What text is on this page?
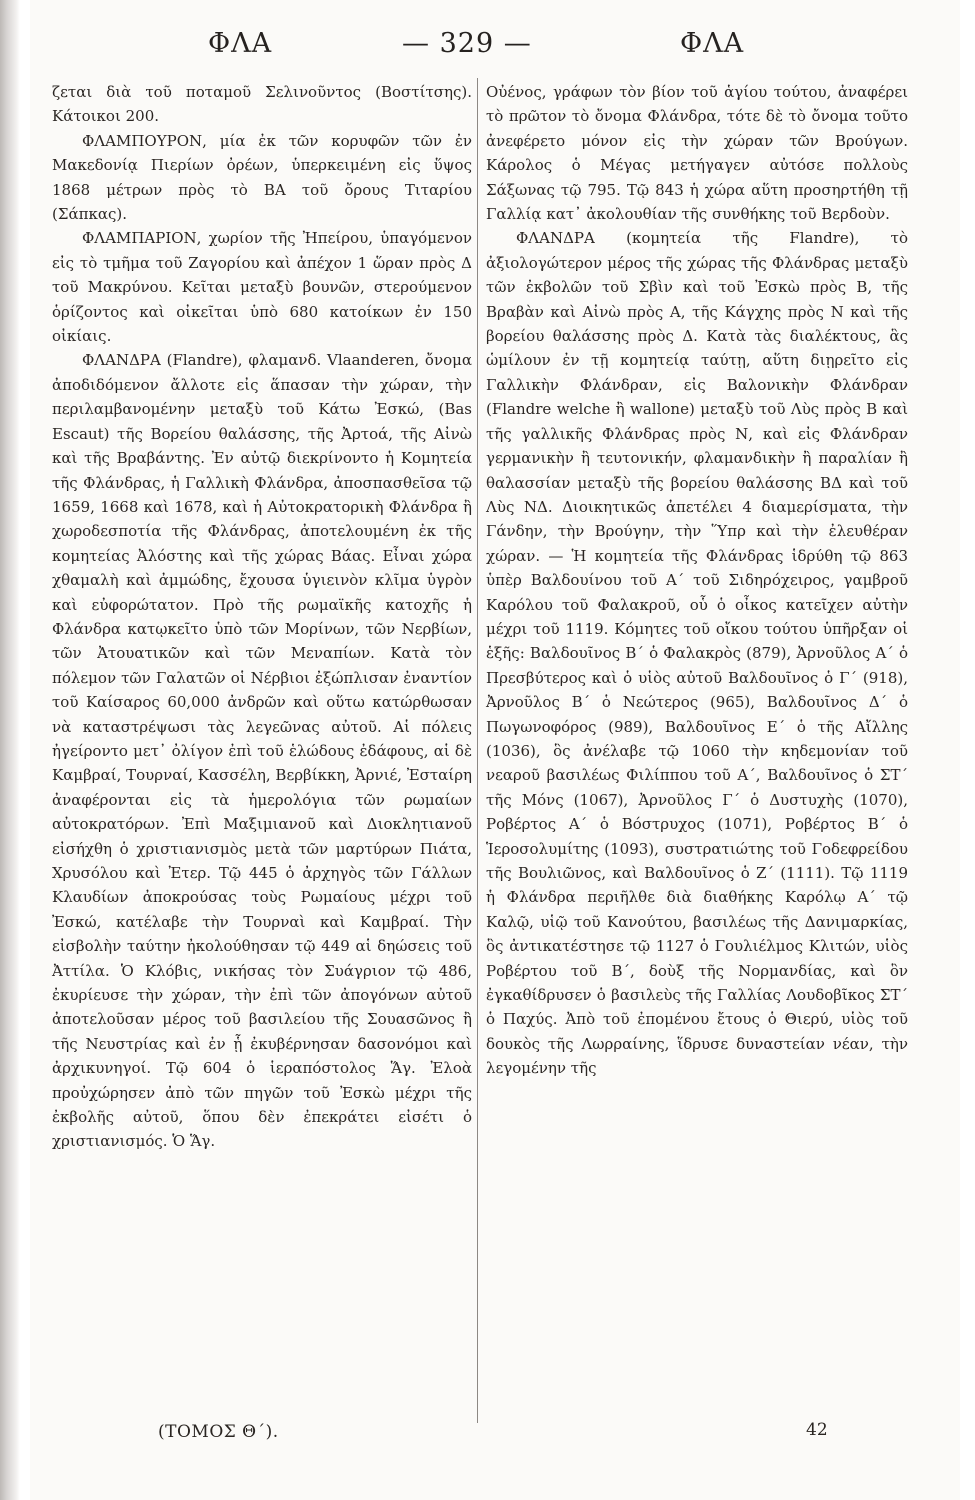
ΦΛΑ	— 329 —	ΦΛΑ

ζεται διὰ τοῦ ποταμοῦ Σελινοῦντος (Βοστίτσης). Κάτοικοι 200.

ΦΛΑΜΠΟΥΡΟΝ, μία ἐκ τῶν κορυφῶν τῶν ἐν Μακεδονίᾳ Πιερίων ὀρέων, ὑπερκειμένη εἰς ὕψος 1868 μέτρων πρὸς τὸ ΒΑ τοῦ ὄρους Τιταρίου (Σάπκας).

ΦΛΑΜΠΑΡΙΟΝ, χωρίον τῆς Ἠπείρου, ὑπαγόμενον εἰς τὸ τμῆμα τοῦ Ζαγορίου καὶ ἀπέχον 1 ὥραν πρὸς Δ τοῦ Μακρύνου. Κεῖται μεταξὺ βουνῶν, στερούμενον ὁρίζοντος καὶ οἰκεῖται ὑπὸ 680 κατοίκων ἐν 150 οἰκίαις.

ΦΛΑΝΔΡΑ (Flandre), φλαμανδ. Vlaanderen, ὄνομα ἀποδιδόμενον ἄλλοτε εἰς ἅπασαν τὴν χώραν, τὴν περιλαμβανομένην μεταξὺ τοῦ Κάτω Ἐσκώ, (Bas Escaut) τῆς Βορείου θαλάσσης, τῆς Ἀρτοά, τῆς Αἰνὼ καὶ τῆς Βραβάντης. Ἐν αὐτῷ διεκρίνοντο ἡ Κομητεία τῆς Φλάνδρας, ἡ Γαλλικὴ Φλάνδρα, ἀποσπασθεῖσα τῷ 1659, 1668 καὶ 1678, καὶ ἡ Αὐτοκρατορικὴ Φλάνδρα ἢ χωροδεσποτία τῆς Φλάνδρας, ἀποτελουμένη ἐκ τῆς κομητείας Ἀλόστης καὶ τῆς χώρας Βάας. Εἶναι χώρα χθαμαλὴ καὶ ἀμμώδης, ἔχουσα ὑγιεινὸν κλῖμα ὑγρὸν καὶ εὐφορώτατον. Πρὸ τῆς ρωμαϊκῆς κατοχῆς ἡ Φλάνδρα κατῳκεῖτο ὑπὸ τῶν Μορίνων, τῶν Νερβίων, τῶν Ἀτουατικῶν καὶ τῶν Μεναπίων. Κατὰ τὸν πόλεμον τῶν Γαλατῶν οἱ Νέρβιοι ἐξώπλισαν ἐναντίον τοῦ Καίσαρος 60,000 ἀνδρῶν καὶ οὕτω κατώρθωσαν νὰ καταστρέψωσι τὰς λεγεῶνας αὐτοῦ. Αἱ πόλεις ἠγείροντο μετ᾽ ὀλίγον ἐπὶ τοῦ ἑλώδους ἐδάφους, αἱ δὲ Καμβραί, Τουρναί, Κασσέλη, Βερβίκκη, Ἀρνιέ, Ἐσταίρη ἀναφέρονται εἰς τὰ ἡμερολόγια τῶν ρωμαίων αὐτοκρατόρων. Ἐπὶ Μαξιμιανοῦ καὶ Διοκλητιανοῦ εἰσήχθη ὁ χριστιανισμὸς μετὰ τῶν μαρτύρων Πιάτα, Χρυσόλου καὶ Ἐτερ. Τῷ 445 ὁ ἀρχηγὸς τῶν Γάλλων Κλαυδίων ἀποκρούσας τοὺς Ρωμαίους μέχρι τοῦ Ἐσκώ, κατέλαβε τὴν Τουρναὶ καὶ Καμβραί. Τὴν εἰσβολὴν ταύτην ἠκολούθησαν τῷ 449 αἱ δηώσεις τοῦ Ἀττίλα. Ὁ Κλόβις, νικήσας τὸν Συάγριον τῷ 486, ἐκυρίευσε τὴν χώραν, τὴν ἐπὶ τῶν ἀπογόνων αὐτοῦ ἀποτελοῦσαν μέρος τοῦ βασιλείου τῆς Σουασῶνος ἢ τῆς Νευστρίας καὶ ἐν ᾗ ἐκυβέρνησαν δασονόμοι καὶ ἀρχικυνηγοί. Τῷ 604 ὁ ἱεραπόστολος Ἅγ. Ἐλοὰ προὐχώρησεν ἀπὸ τῶν πηγῶν τοῦ Ἐσκὼ μέχρι τῆς ἐκβολῆς αὐτοῦ, ὅπου δὲν ἐπεκράτει εἰσέτι ὁ χριστιανισμός. Ὁ Ἅγ.

Οὐένος, γράφων τὸν βίον τοῦ ἁγίου τούτου, ἀναφέρει τὸ πρῶτον τὸ ὄνομα Φλάνδρα, τότε δὲ τὸ ὄνομα τοῦτο ἀνεφέρετο μόνον εἰς τὴν χώραν τῶν Βρούγων. Κάρολος ὁ Μέγας μετήγαγεν αὐτόσε πολλοὺς Σάξωνας τῷ 795. Τῷ 843 ἡ χώρα αὕτη προσηρτήθη τῇ Γαλλίᾳ κατ᾽ ἀκολουθίαν τῆς συνθήκης τοῦ Βερδοὺν.

ΦΛΑΝΔΡΑ (κομητεία τῆς Flandre), τὸ ἀξιολογώτερον μέρος τῆς χώρας τῆς Φλάνδρας μεταξὺ τῶν ἐκβολῶν τοῦ Σβὶν καὶ τοῦ Ἐσκὼ πρὸς Β, τῆς Βραβὰν καὶ Αἰνὼ πρὸς Α, τῆς Κάγχης πρὸς Ν καὶ τῆς βορείου θαλάσσης πρὸς Δ. Κατὰ τὰς διαλέκτους, ἃς ὡμίλουν ἐν τῇ κομητείᾳ ταύτῃ, αὕτη διῃρεῖτο εἰς Γαλλικὴν Φλάνδραν, εἰς Βαλονικὴν Φλάνδραν (Flandre welche ἢ wallone) μεταξὺ τοῦ Λὺς πρὸς Β καὶ τῆς γαλλικῆς Φλάνδρας πρὸς Ν, καὶ εἰς Φλάνδραν γερμανικὴν ἢ τευτονικήν, φλαμανδικὴν ἢ παραλίαν ἢ θαλασσίαν μεταξὺ τῆς βορείου θαλάσσης ΒΔ καὶ τοῦ Λὺς ΝΔ. Διοικητικῶς ἀπετέλει 4 διαμερίσματα, τὴν Γάνδην, τὴν Βρούγην, τὴν Ὕπρ καὶ τὴν ἐλευθέραν χώραν. — Ἡ κομητεία τῆς Φλάνδρας ἱδρύθη τῷ 863 ὑπὲρ Βαλδουίνου τοῦ Α΄ τοῦ Σιδηρόχειρος, γαμβροῦ Καρόλου τοῦ Φαλακροῦ, οὗ ὁ οἶκος κατεῖχεν αὐτὴν μέχρι τοῦ 1119. Κόμητες τοῦ οἴκου τούτου ὑπῆρξαν οἱ ἑξῆς: Βαλδουῖνος Β΄ ὁ Φαλακρὸς (879), Ἀρνοῦλος Α΄ ὁ Πρεσβύτερος καὶ ὁ υἱὸς αὐτοῦ Βαλδουῖνος ὁ Γ΄ (918), Ἀρνοῦλος Β΄ ὁ Νεώτερος (965), Βαλδουῖνος Δ΄ ὁ Πωγωνοφόρος (989), Βαλδουῖνος Ε΄ ὁ τῆς Αἴλλης (1036), ὃς ἀνέλαβε τῷ 1060 τὴν κηδεμονίαν τοῦ νεαροῦ βασιλέως Φιλίππου τοῦ Α΄, Βαλδουῖνος ὁ ΣΤ΄ τῆς Μόνς (1067), Ἀρνοῦλος Γ΄ ὁ Δυστυχὴς (1070), Ροβέρτος Α΄ ὁ Βόστρυχος (1071), Ροβέρτος Β΄ ὁ Ἱεροσολυμίτης (1093), συστρατιώτης τοῦ Γοδεφρείδου τῆς Βουλιῶνος, καὶ Βαλδουῖνος ὁ Ζ΄ (1111). Τῷ 1119 ἡ Φλάνδρα περιῆλθε διὰ διαθήκης Καρόλῳ Α΄ τῷ Καλῷ, υἱῷ τοῦ Κανούτου, βασιλέως τῆς Δανιμαρκίας, ὃς ἀντικατέστησε τῷ 1127 ὁ Γουλιέλμος Κλιτών, υἱὸς Ροβέρτου τοῦ Β΄, δοὺξ τῆς Νορμανδίας, καὶ ὃν ἐγκαθίδρυσεν ὁ βασιλεὺς τῆς Γαλλίας Λουδοβῖκος ΣΤ΄ ὁ Παχύς. Ἀπὸ τοῦ ἐπομένου ἔτους ὁ Θιερύ, υἱὸς τοῦ δουκὸς τῆς Λωρραίνης, ἵδρυσε δυναστείαν νέαν, τὴν λεγομένην τῆς

(ΤΟΜΟΣ Θ΄).	42
